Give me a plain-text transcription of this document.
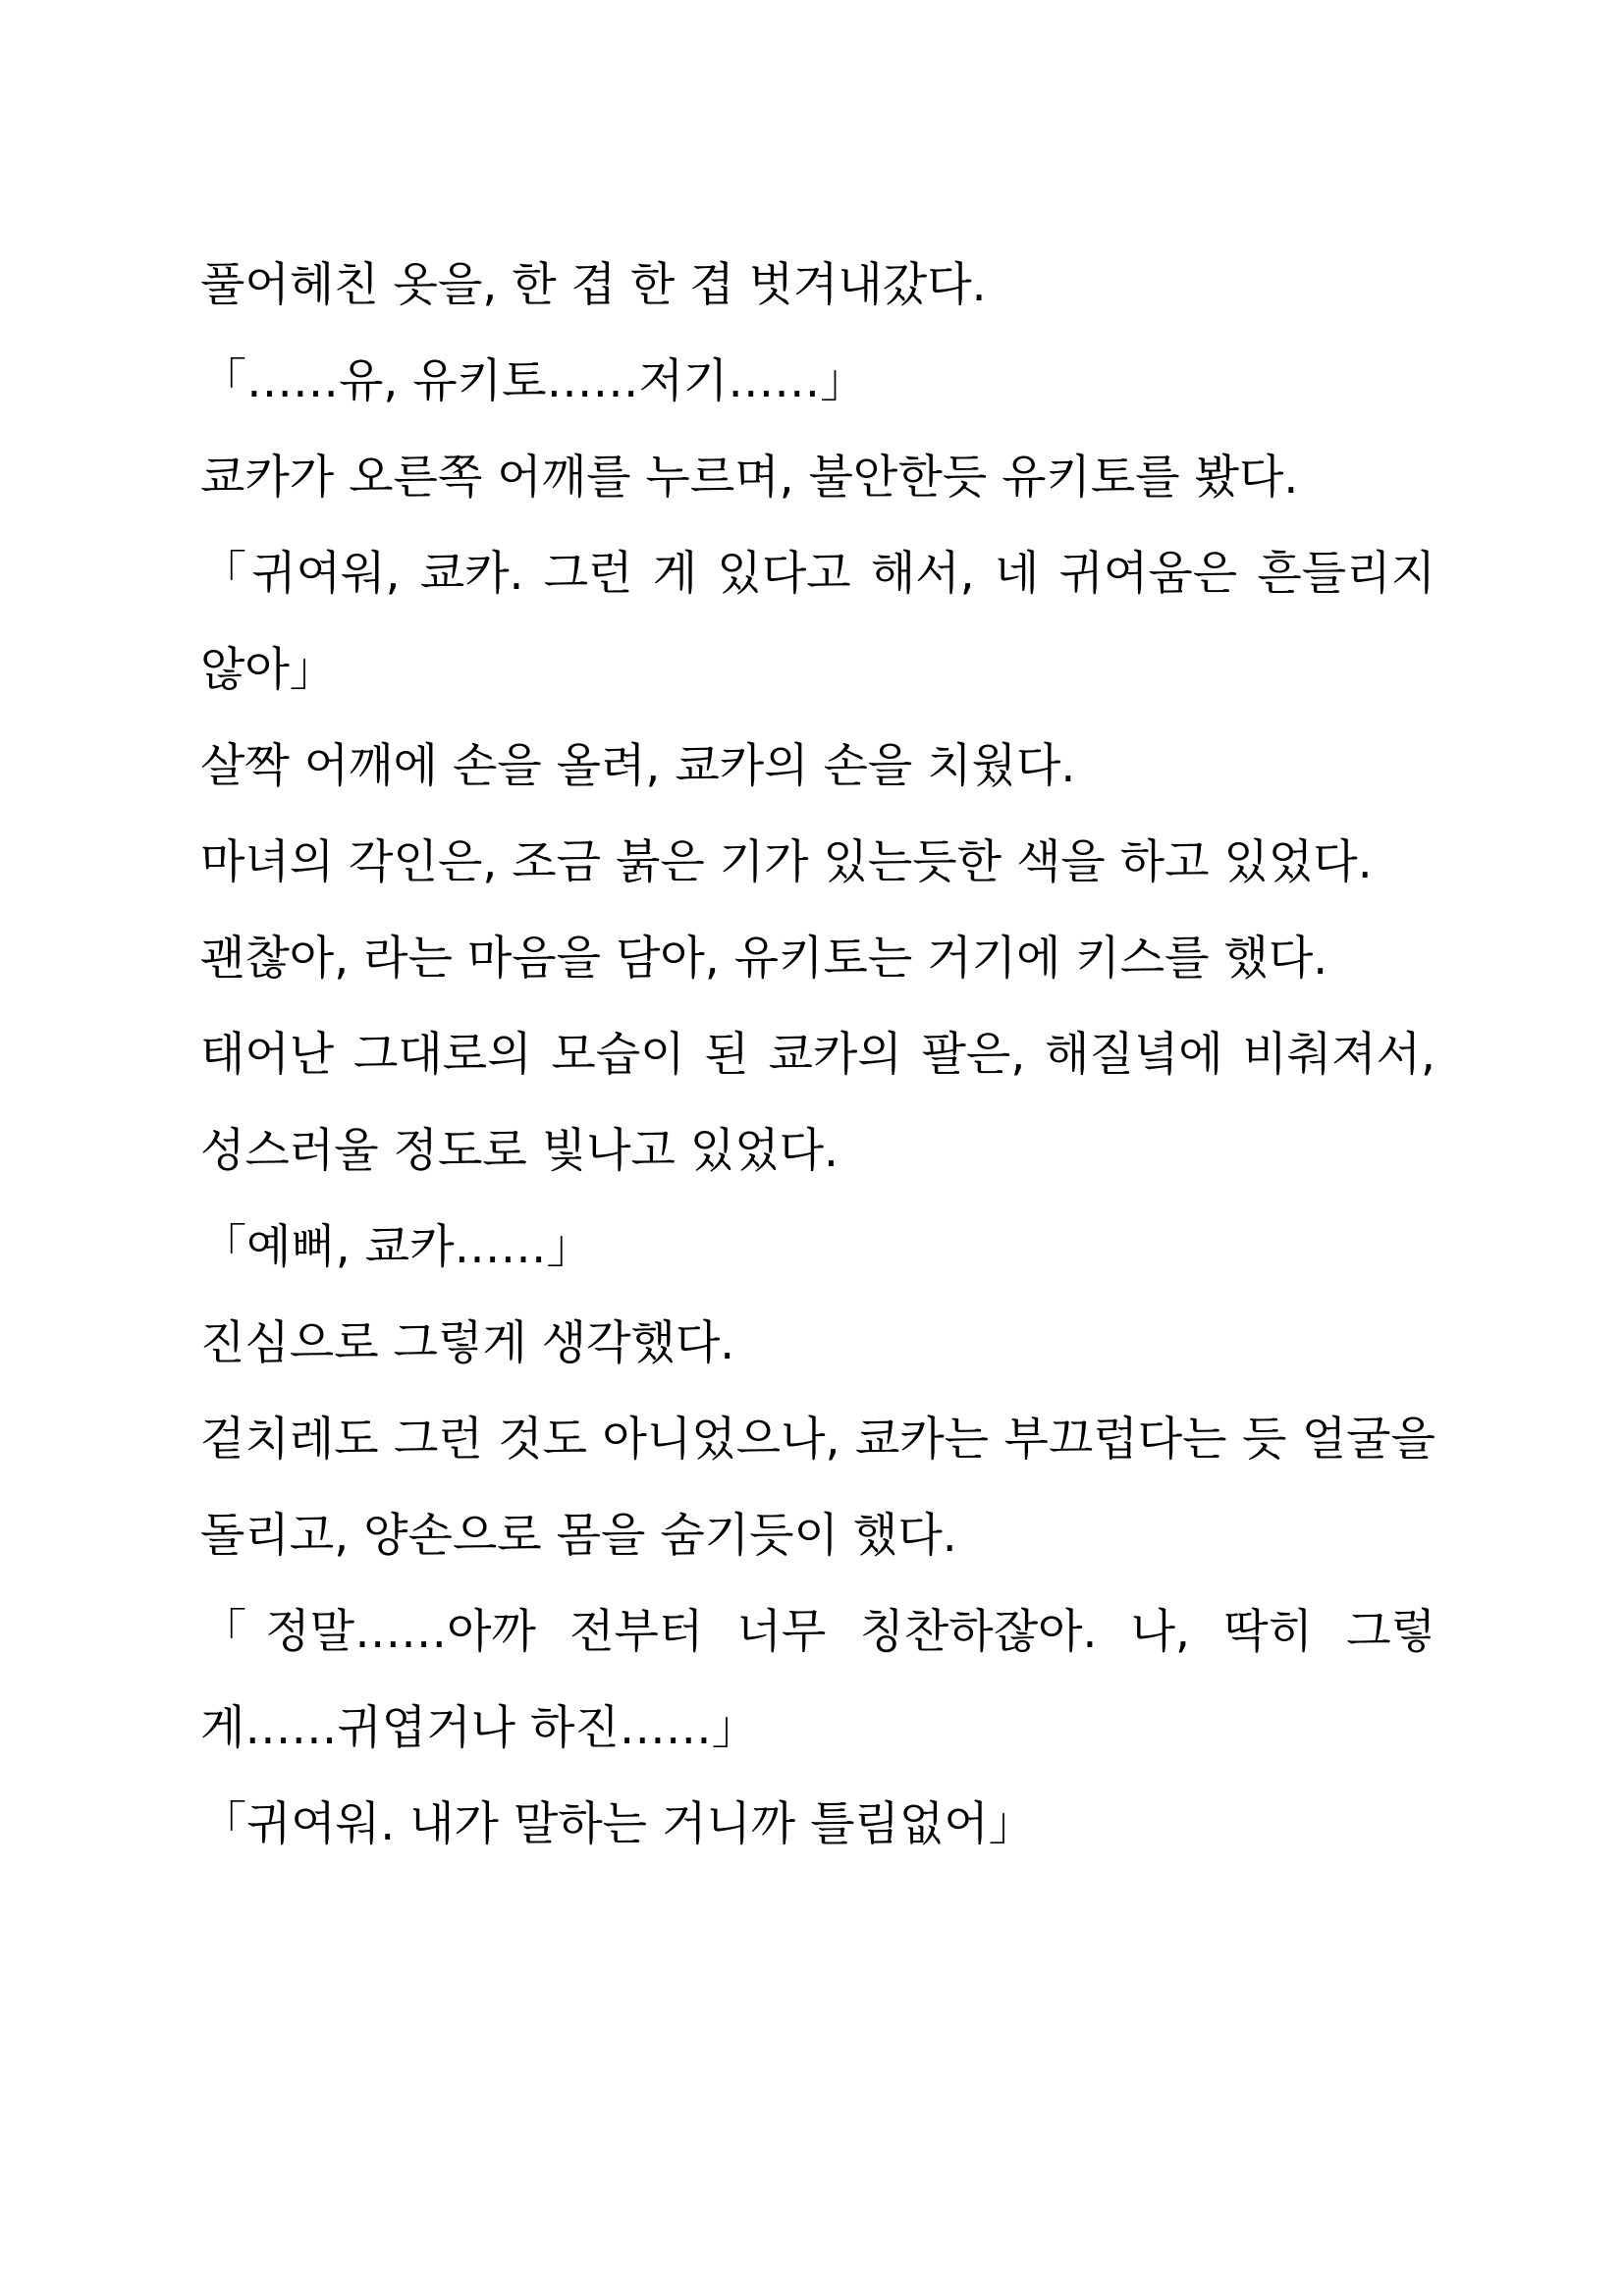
풀어헤친 옷을, 한 겹 한 겹 벗겨내갔다.

「……유, 유키토……저기……」

쿄카가 오른쪽 어깨를 누르며, 불안한듯 유키토를 봤다.

「귀여워, 쿄카. 그런 게 있다고 해서, 네 귀여움은 흔들리지 않아」

살짝 어깨에 손을 올려, 쿄카의 손을 치웠다.

마녀의 각인은, 조금 붉은 기가 있는듯한 색을 하고 있었다.

괜찮아, 라는 마음을 담아, 유키토는 거기에 키스를 했다.

태어난 그대로의 모습이 된 쿄카의 팔은, 해질녘에 비춰져서, 성스러울 정도로 빛나고 있었다.

「예뻐, 쿄카……」

진심으로 그렇게 생각했다.

겉치레도 그런 것도 아니었으나, 쿄카는 부끄럽다는 듯 얼굴을 돌리고, 양손으로 몸을 숨기듯이 했다.

「정말……아까 전부터 너무 칭찬하잖아. 나, 딱히 그렇게……귀엽거나 하진……」

「귀여워. 내가 말하는 거니까 틀림없어」
